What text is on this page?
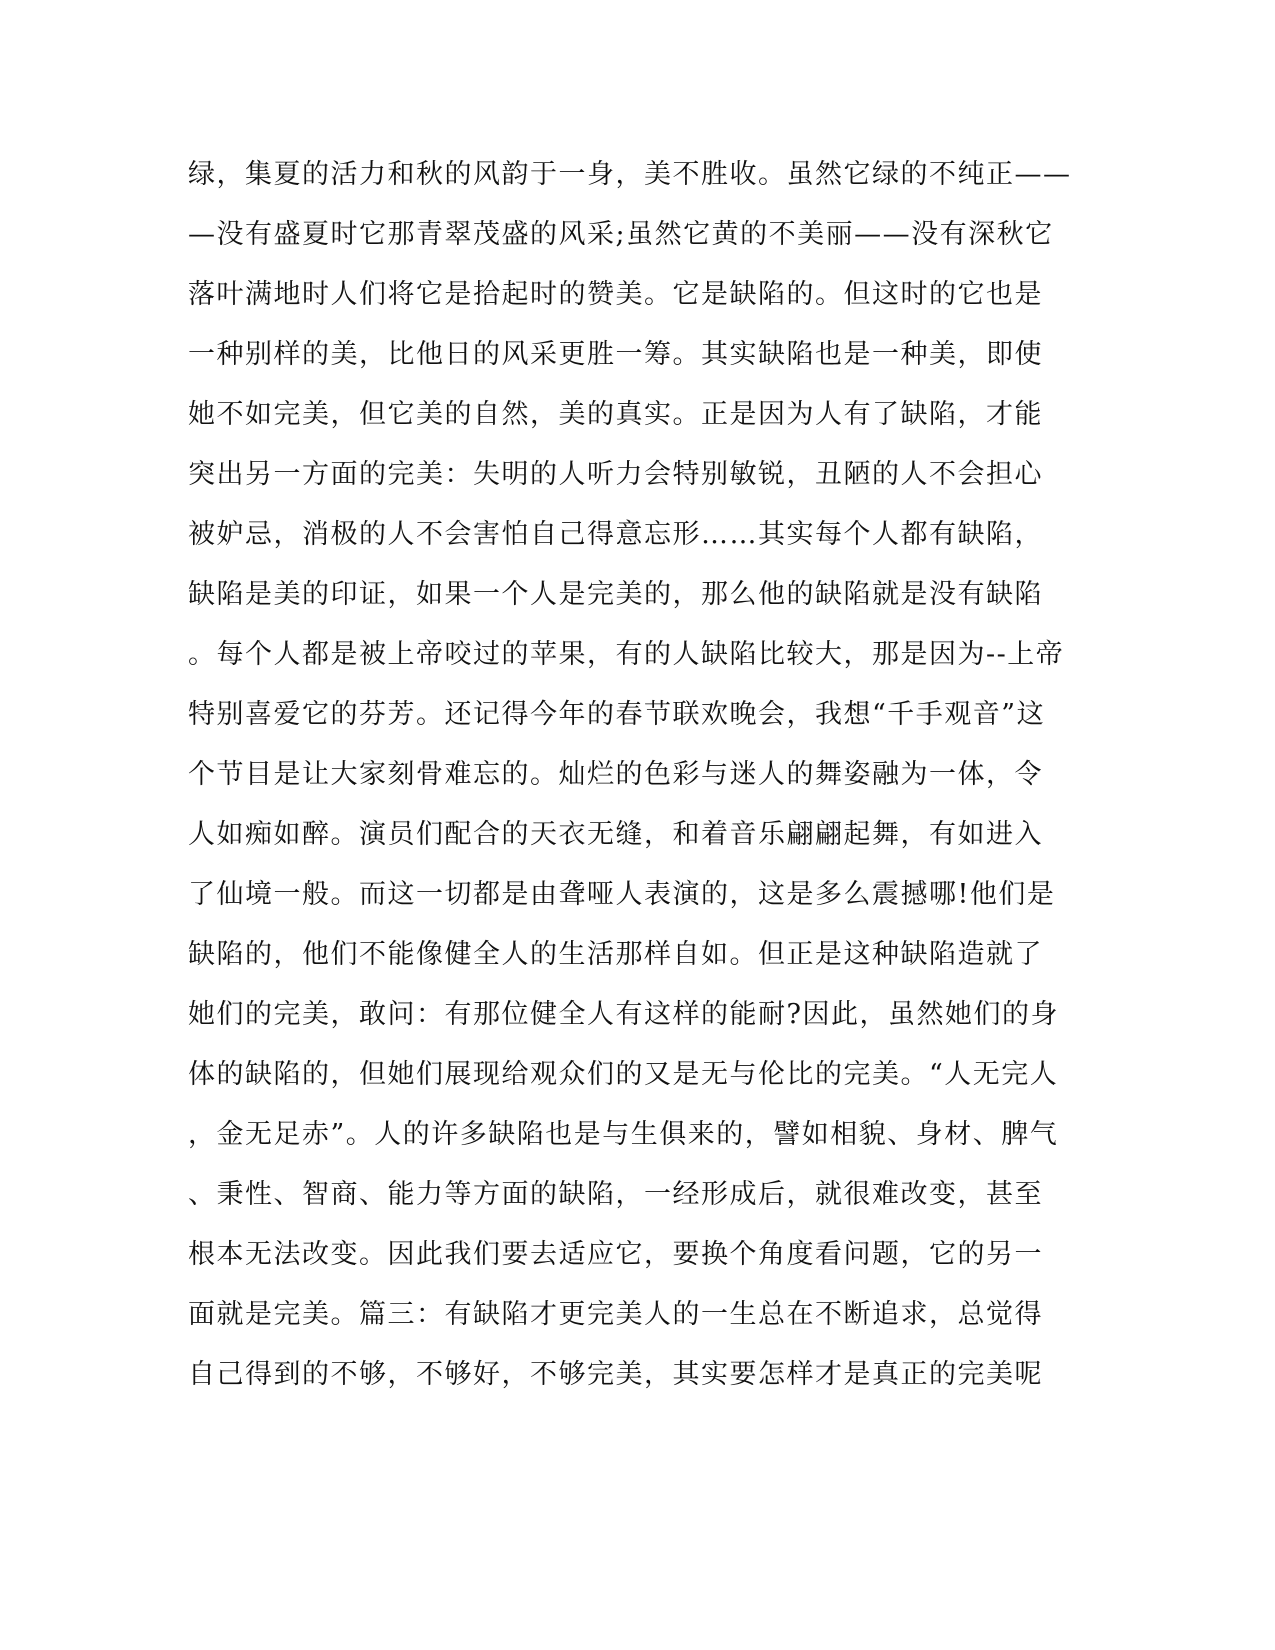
绿，集夏的活力和秋的风韵于一身，美不胜收。虽然它绿的不纯正——
—没有盛夏时它那青翠茂盛的风采;虽然它黄的不美丽——没有深秋它
落叶满地时人们将它是拾起时的赞美。它是缺陷的。但这时的它也是
一种别样的美，比他日的风采更胜一筹。其实缺陷也是一种美，即使
她不如完美，但它美的自然，美的真实。正是因为人有了缺陷，才能
突出另一方面的完美：失明的人听力会特别敏锐，丑陋的人不会担心
被妒忌，消极的人不会害怕自己得意忘形……其实每个人都有缺陷，
缺陷是美的印证，如果一个人是完美的，那么他的缺陷就是没有缺陷
。每个人都是被上帝咬过的苹果，有的人缺陷比较大，那是因为--上帝
特别喜爱它的芬芳。还记得今年的春节联欢晚会，我想“千手观音”这
个节目是让大家刻骨难忘的。灿烂的色彩与迷人的舞姿融为一体，令
人如痴如醉。演员们配合的天衣无缝，和着音乐翩翩起舞，有如进入
了仙境一般。而这一切都是由聋哑人表演的，这是多么震撼哪!他们是
缺陷的，他们不能像健全人的生活那样自如。但正是这种缺陷造就了
她们的完美，敢问：有那位健全人有这样的能耐?因此，虽然她们的身
体的缺陷的，但她们展现给观众们的又是无与伦比的完美。“人无完人
，金无足赤”。人的许多缺陷也是与生俱来的，譬如相貌、身材、脾气
、秉性、智商、能力等方面的缺陷，一经形成后，就很难改变，甚至
根本无法改变。因此我们要去适应它，要换个角度看问题，它的另一
面就是完美。篇三：有缺陷才更完美人的一生总在不断追求，总觉得
自己得到的不够，不够好，不够完美，其实要怎样才是真正的完美呢
